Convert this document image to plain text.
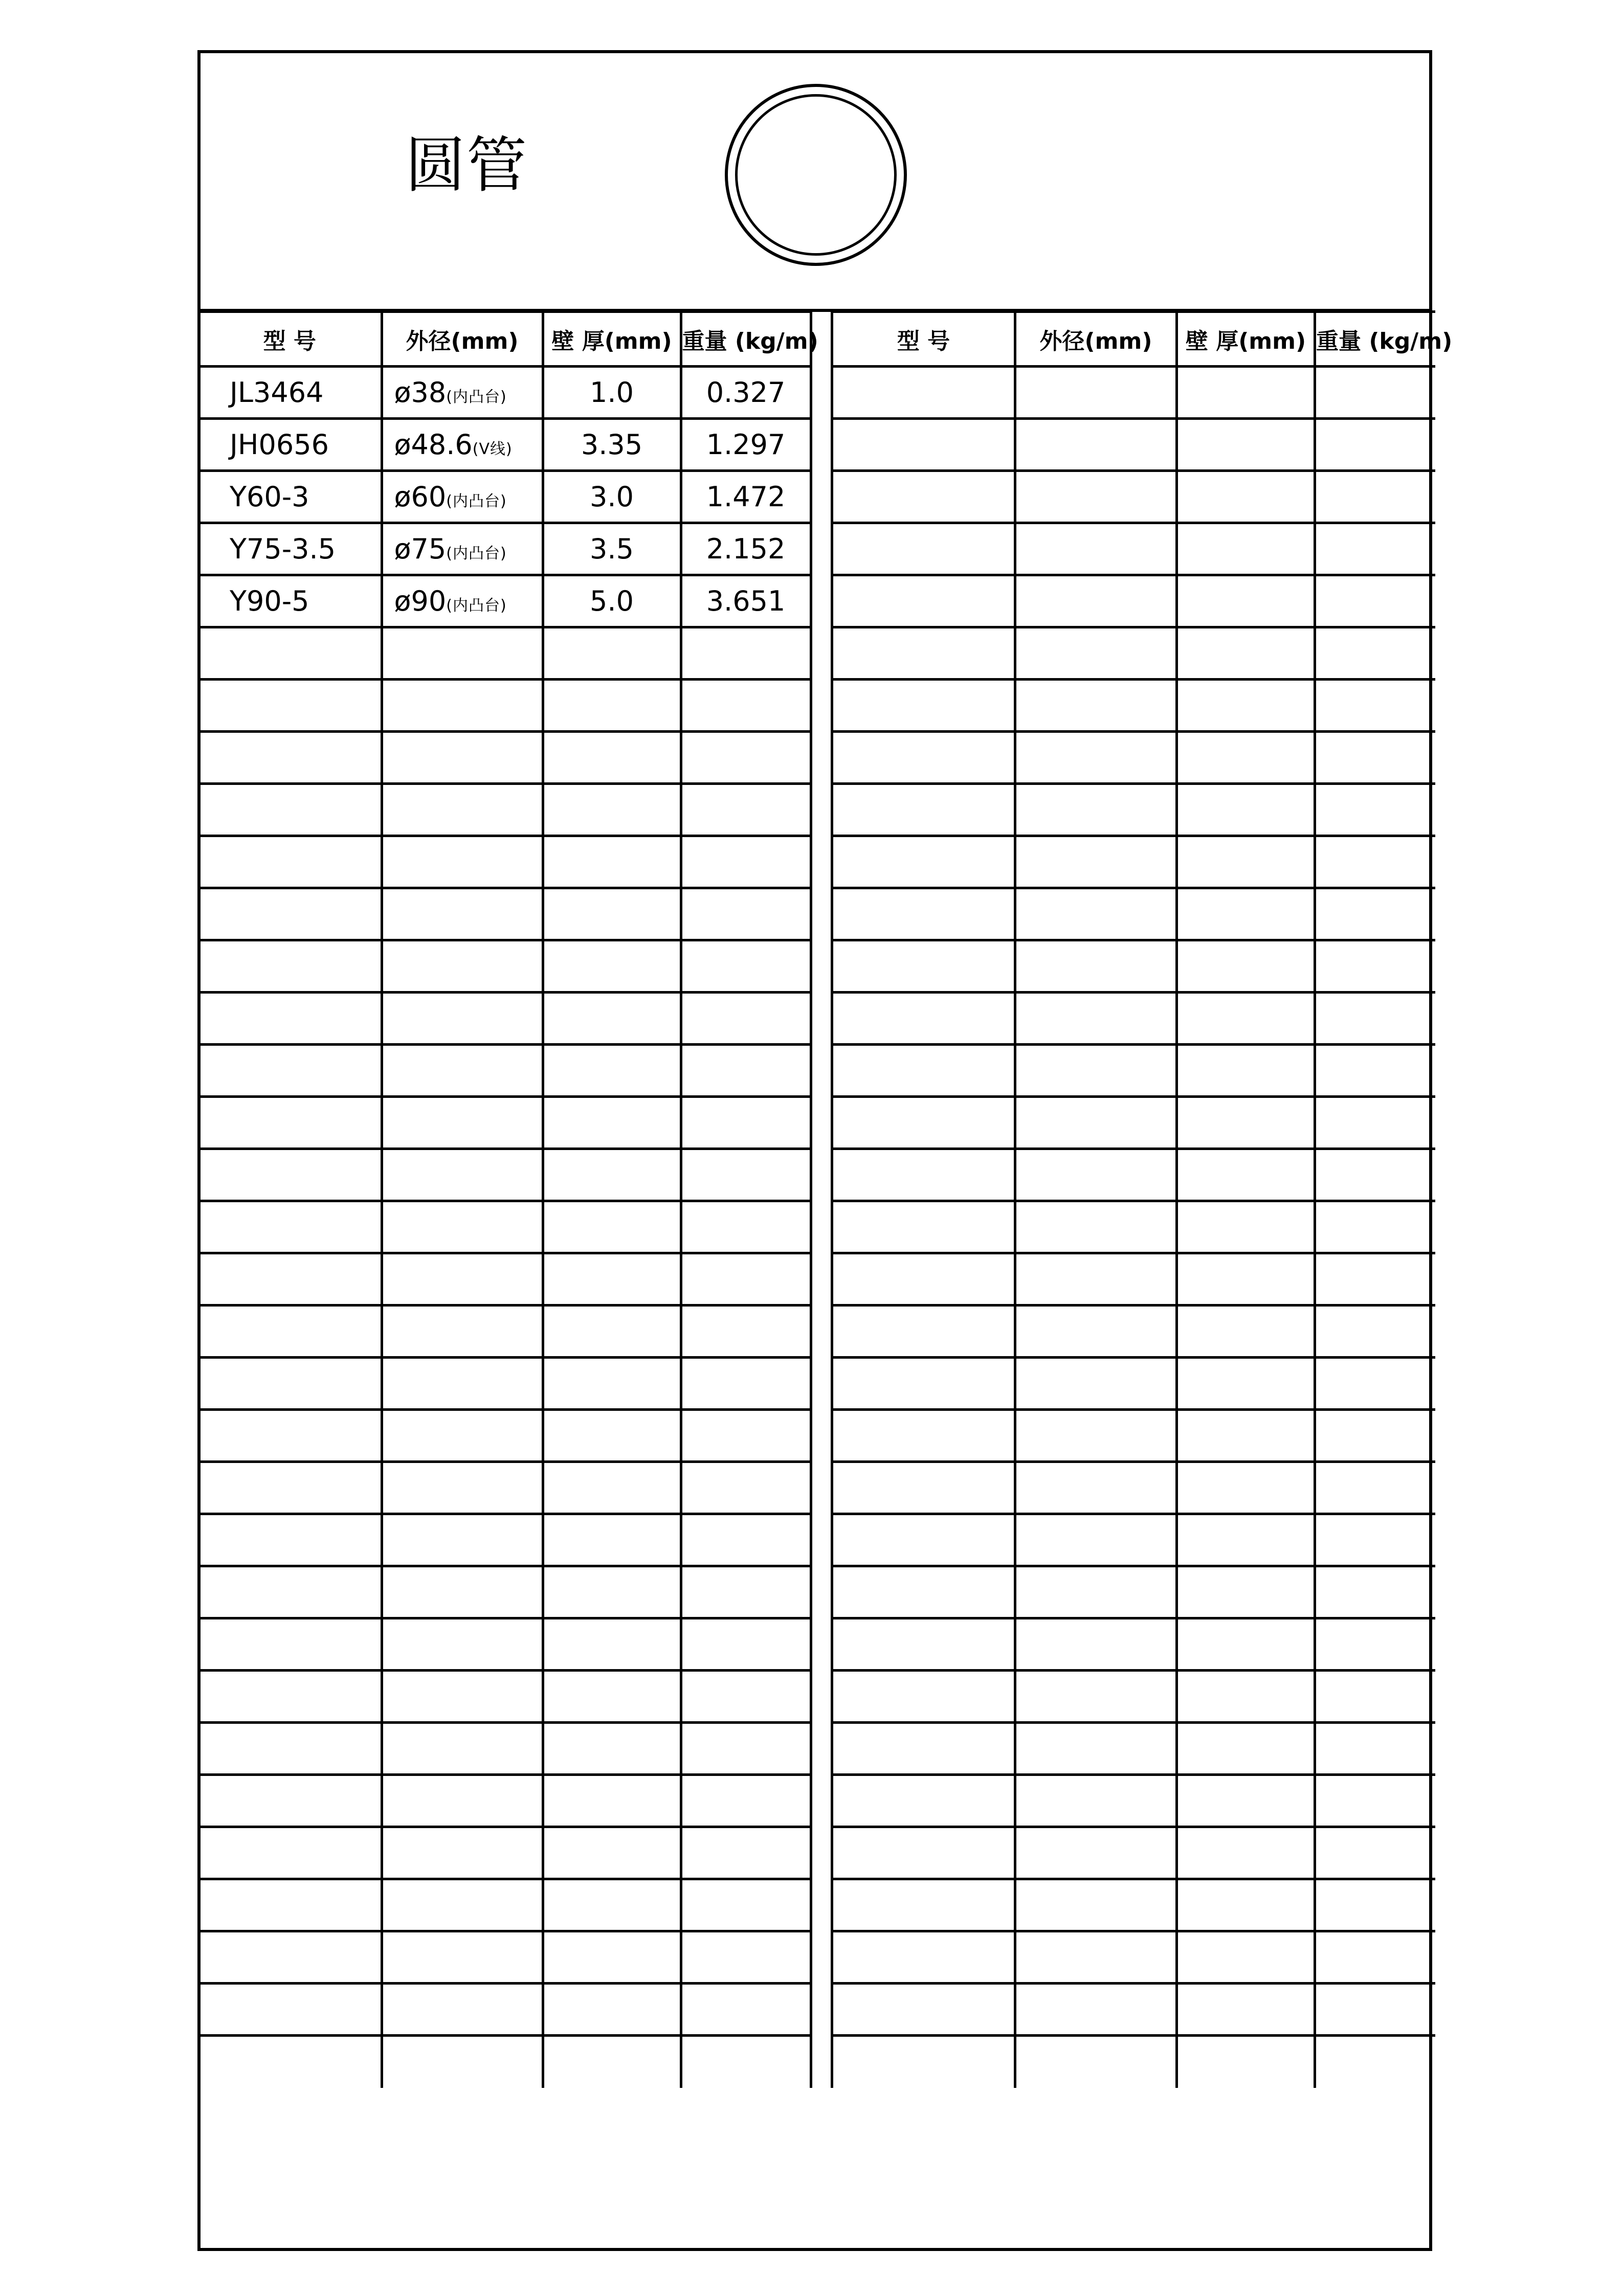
圆管
型 号	外径(mm)	壁 厚(mm)	重量 (kg/m)
JL3464	ø38(内凸台)	1.0	0.327
JH0656	ø48.6(V线)	3.35	1.297
Y60-3	ø60(内凸台)	3.0	1.472
Y75-3.5	ø75(内凸台)	3.5	2.152
Y90-5	ø90(内凸台)	5.0	3.651

型 号	外径(mm)	壁 厚(mm)	重量 (kg/m)
